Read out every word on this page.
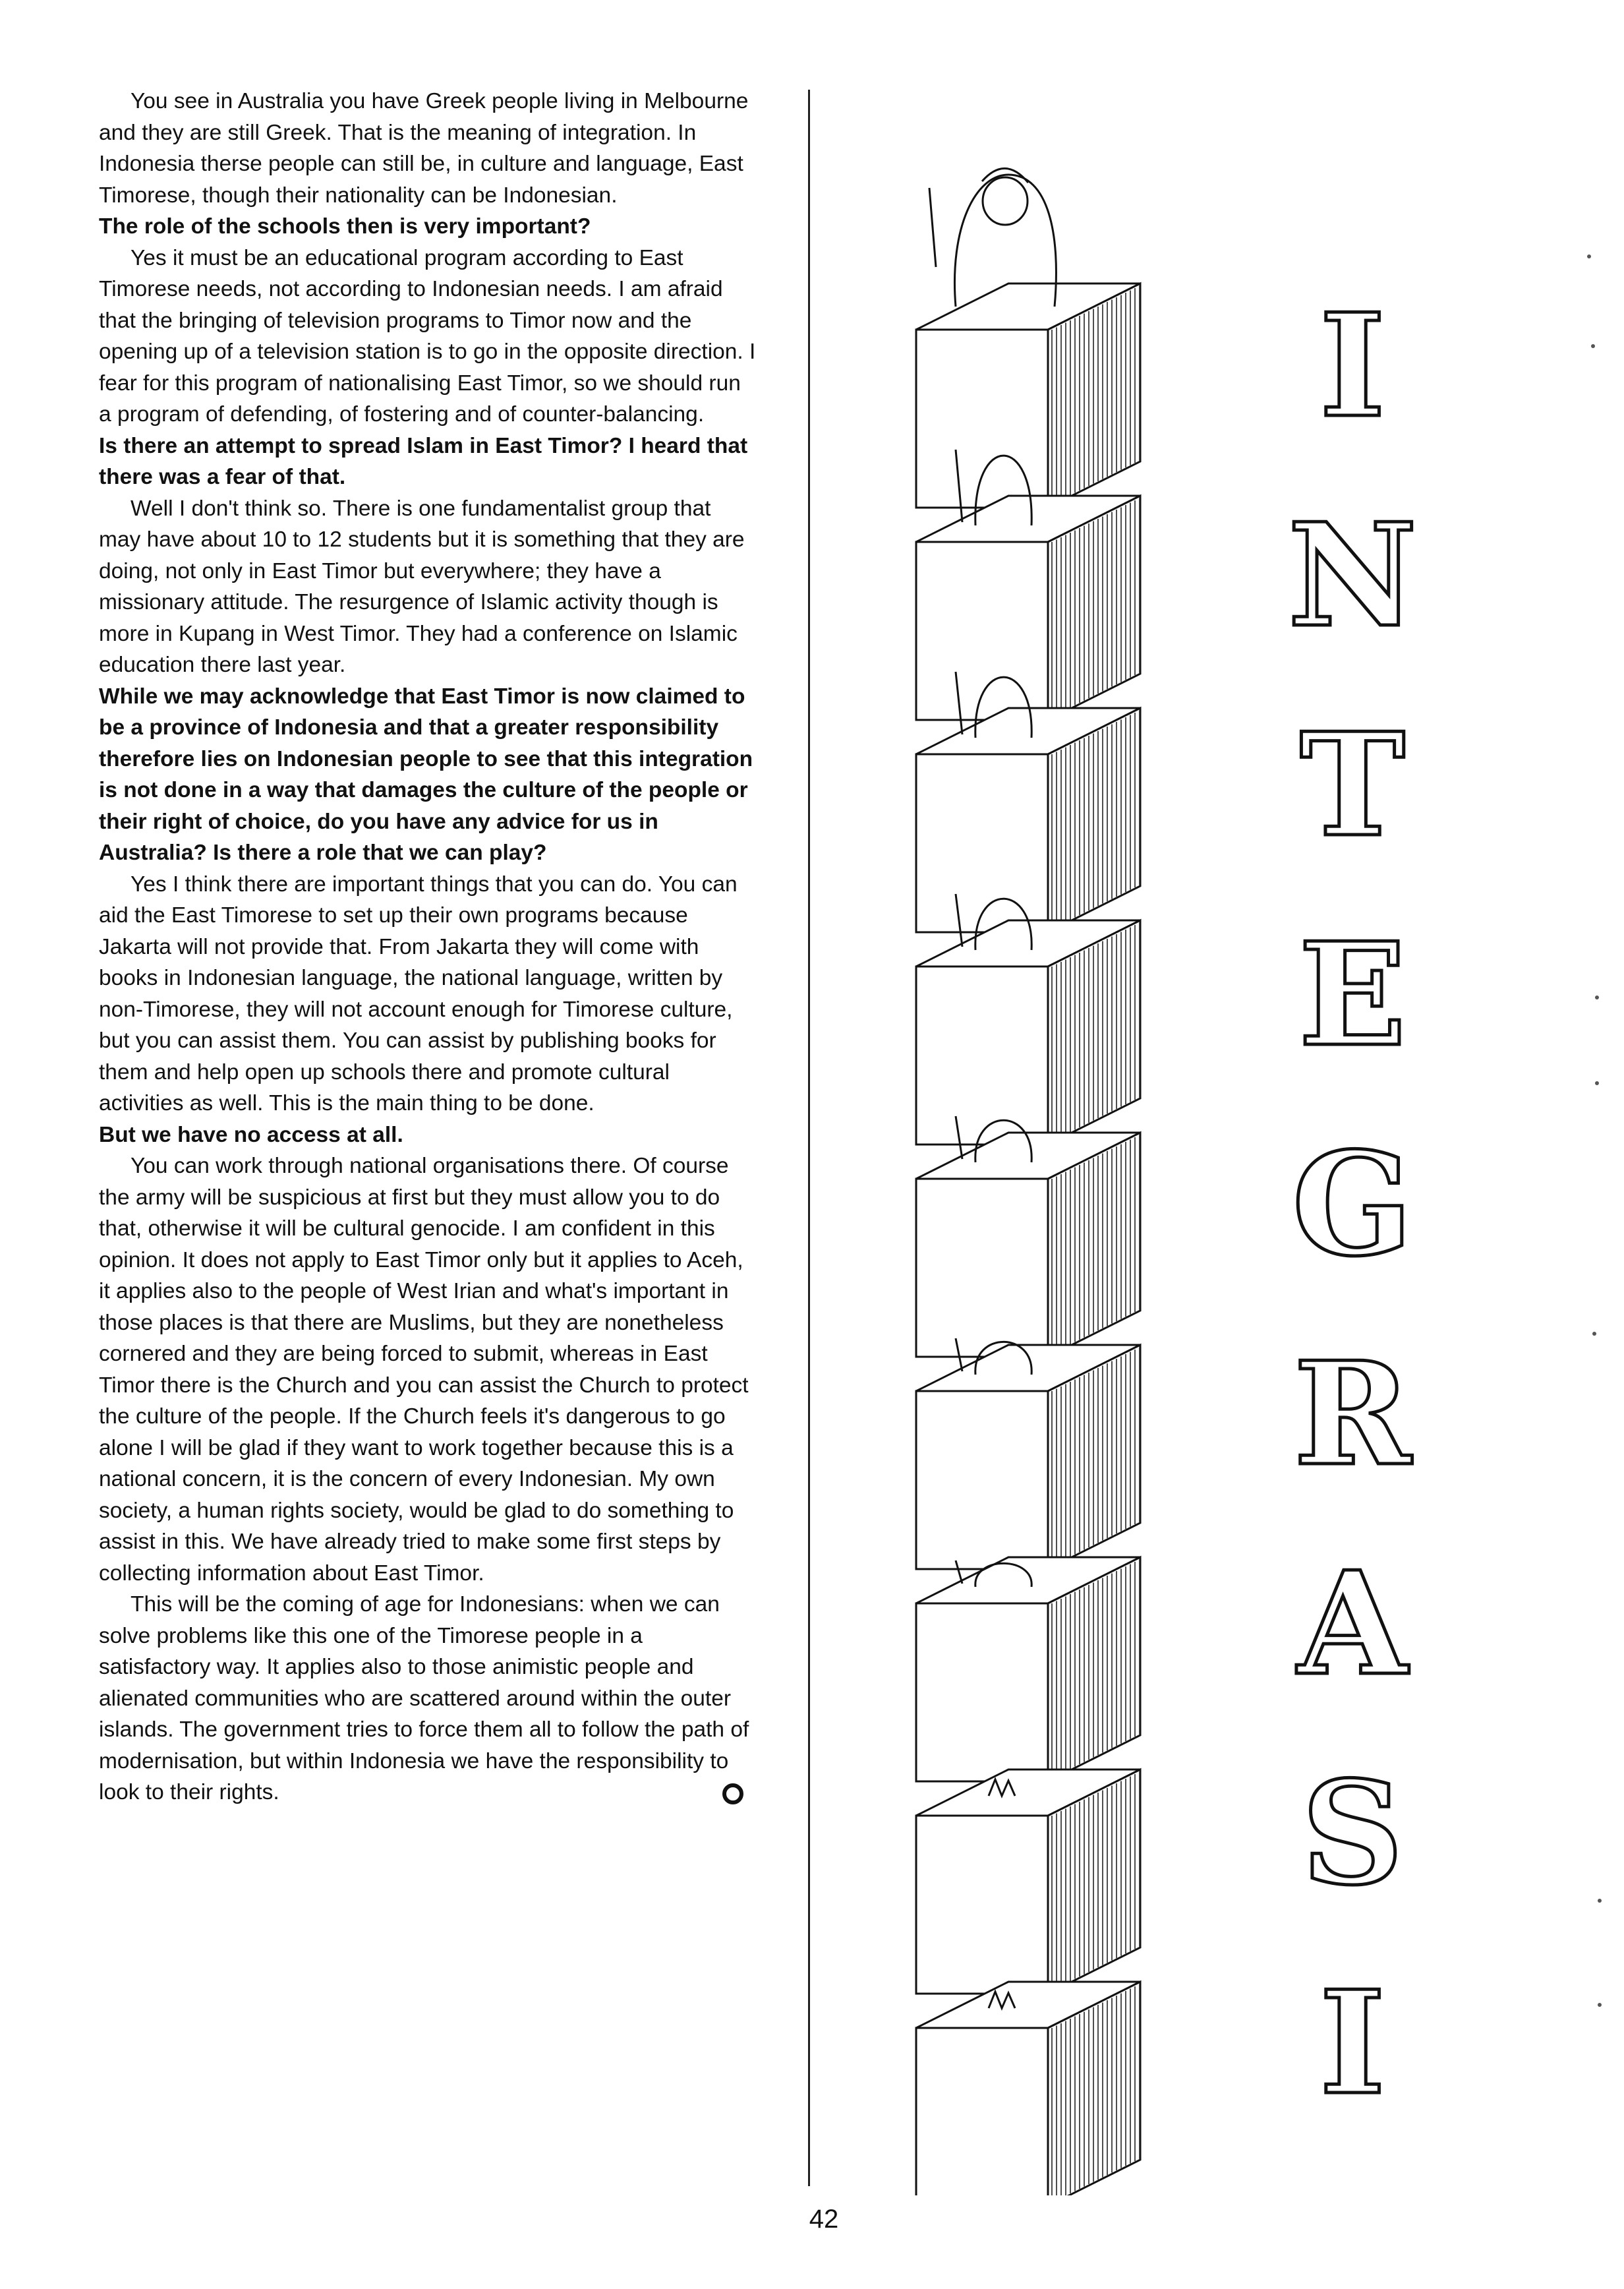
You see in Australia you have Greek people living in Melbourne and they are still Greek. That is the meaning of integration. In Indonesia therse people can still be, in culture and language, East Timorese, though their nationality can be Indonesian.

The role of the schools then is very important?

Yes it must be an educational program according to East Timorese needs, not according to Indonesian needs. I am afraid that the bringing of television programs to Timor now and the opening up of a television station is to go in the opposite direction. I fear for this program of nationalising East Timor, so we should run a program of defending, of fostering and of counter-balancing.

Is there an attempt to spread Islam in East Timor? I heard that there was a fear of that.

Well I don't think so. There is one fundamentalist group that may have about 10 to 12 students but it is something that they are doing, not only in East Timor but everywhere; they have a missionary attitude. The resurgence of Islamic activity though is more in Kupang in West Timor. They had a conference on Islamic education there last year.

While we may acknowledge that East Timor is now claimed to be a province of Indonesia and that a greater responsibility therefore lies on Indonesian people to see that this integration is not done in a way that damages the culture of the people or their right of choice, do you have any advice for us in Australia? Is there a role that we can play?

Yes I think there are important things that you can do. You can aid the East Timorese to set up their own programs because Jakarta will not provide that. From Jakarta they will come with books in Indonesian language, the national language, written by non-Timorese, they will not account enough for Timorese culture, but you can assist them. You can assist by publishing books for them and help open up schools there and promote cultural activities as well. This is the main thing to be done.

But we have no access at all.

You can work through national organisations there. Of course the army will be suspicious at first but they must allow you to do that, otherwise it will be cultural genocide. I am confident in this opinion. It does not apply to East Timor only but it applies to Aceh, it applies also to the people of West Irian and what's important in those places is that there are Muslims, but they are nonetheless cornered and they are being forced to submit, whereas in East Timor there is the Church and you can assist the Church to protect the culture of the people. If the Church feels it's dangerous to go alone I will be glad if they want to work together because this is a national concern, it is the concern of every Indonesian. My own society, a human rights society, would be glad to do something to assist in this. We have already tried to make some first steps by collecting information about East Timor.

This will be the coming of age for Indonesians: when we can solve problems like this one of the Timorese people in a satisfactory way. It applies also to those animistic people and alienated communities who are scattered around within the outer islands. The government tries to force them all to follow the path of modernisation, but within Indonesia we have the responsibility to look to their rights.

I
N
T
E
G
R
A
S
I
42
